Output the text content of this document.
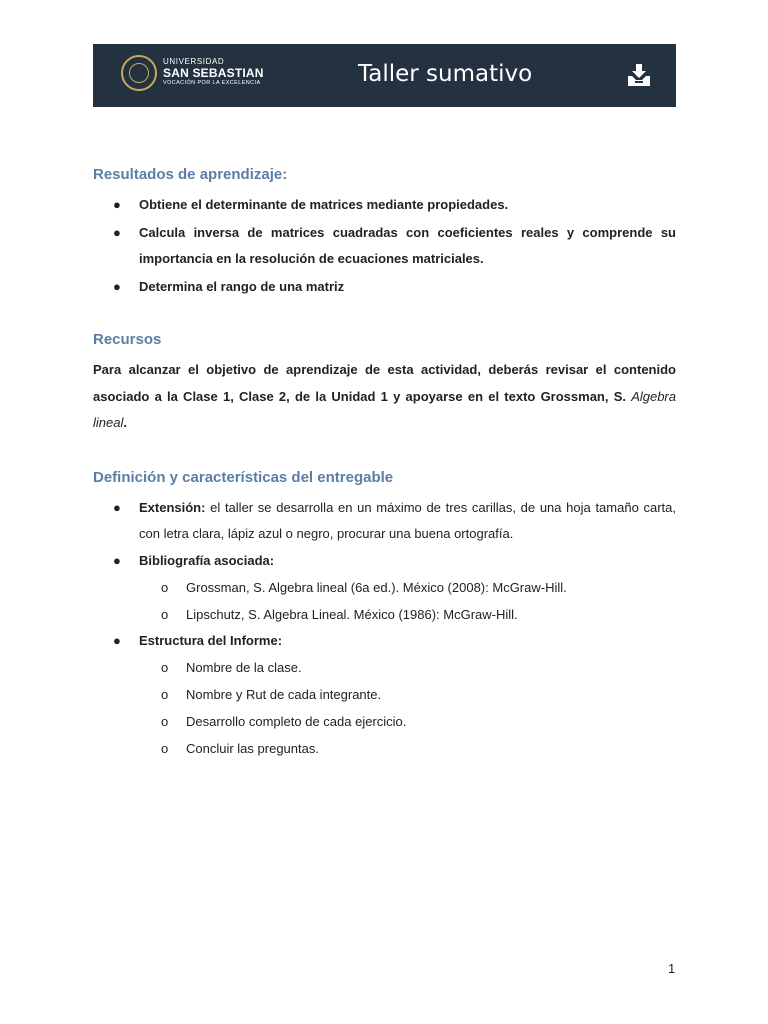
UNIVERSIDAD
SAN SEBASTIAN
VOCACIÓN POR LA EXCELENCIA	Taller sumativo
Resultados de aprendizaje:
● Obtiene el determinante de matrices mediante propiedades.
● Calcula inversa de matrices cuadradas con coeficientes reales y comprende su importancia en la resolución de ecuaciones matriciales.
● Determina el rango de una matriz
Recursos
Para alcanzar el objetivo de aprendizaje de esta actividad, deberás revisar el contenido asociado a la Clase 1, Clase 2, de la Unidad 1 y apoyarse en el texto Grossman, S. Algebra lineal.
Definición y características del entregable
● Extensión: el taller se desarrolla en un máximo de tres carillas, de una hoja tamaño carta, con letra clara, lápiz azul o negro, procurar una buena ortografía.
● Bibliografía asociada:
o Grossman, S. Algebra lineal (6a ed.). México (2008): McGraw-Hill.
o Lipschutz, S. Algebra Lineal. México (1986): McGraw-Hill.
● Estructura del Informe:
o Nombre de la clase.
o Nombre y Rut de cada integrante.
o Desarrollo completo de cada ejercicio.
o Concluir las preguntas.
1
